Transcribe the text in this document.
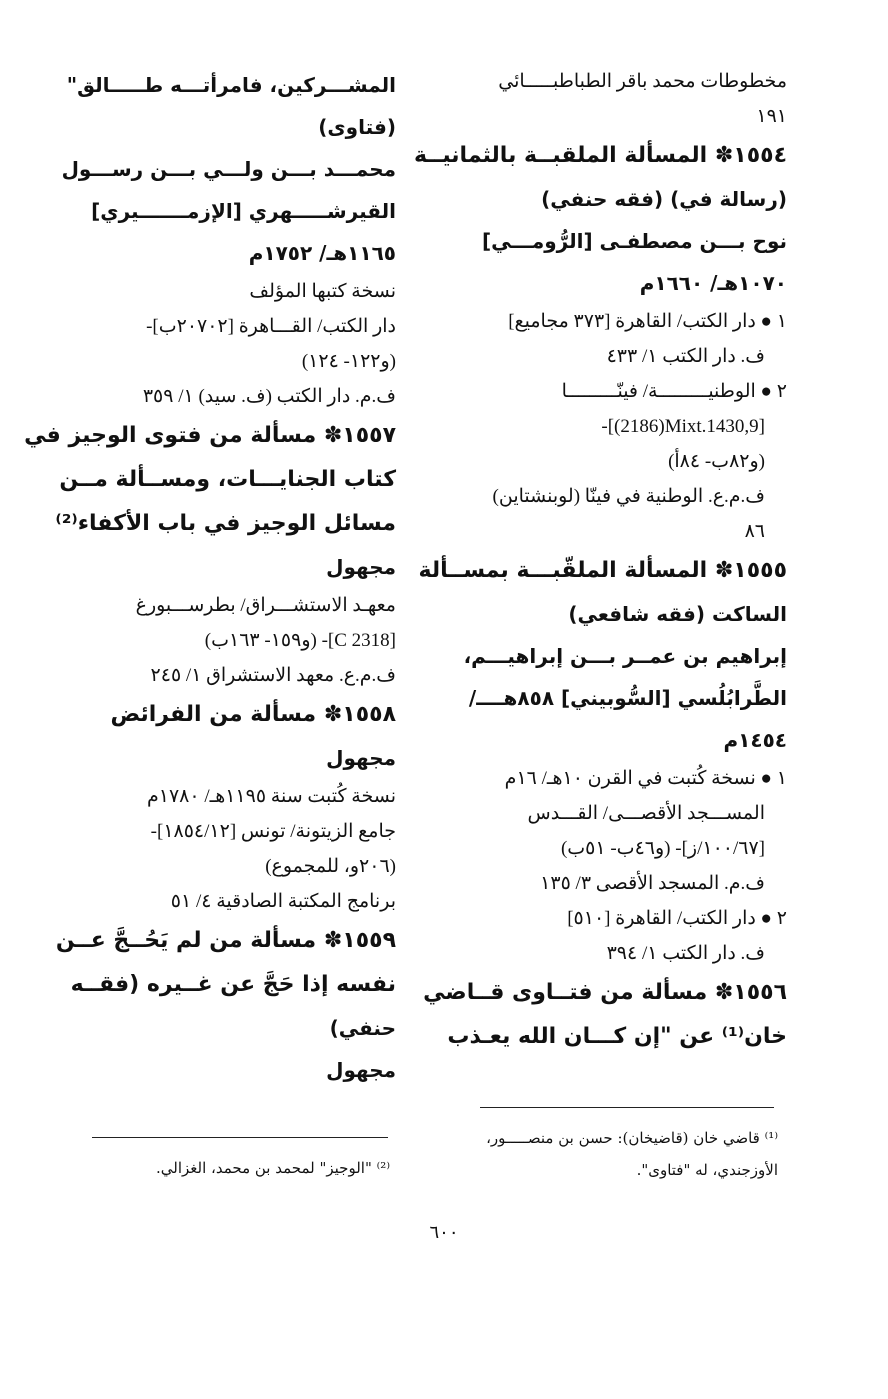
مخطوطات محمد باقر الطباطبـــــائي
١٩١
١٥٥٤✽ المسألة الملقبــة بالثمانيــة
(رسالة في) (فقه حنفي)
نوح بـــن مصطفـى [الرُّومـــي]
١٠٧٠هـ/ ١٦٦٠م
١ ● دار الكتب/ القاهرة [٣٧٣ مجاميع]
ف. دار الكتب ١/ ٤٣٣
٢ ● الوطنيـــــــــة/ فينّـــــــــا
-[(2186)Mixt.1430,9]
(و٨٢ب- ٨٤أ)
ف.م.ع. الوطنية في فينّا (لوبنشتاين)
٨٦
١٥٥٥✽ المسألة الملقّبـــة بمســألة
الساكت (فقه شافعي)
إبراهيم بن عمــر بـــن إبراهيـــم،
الطَّرابُلُسي [السُّوبيني] ٨٥٨هــــ/
١٤٥٤م
١ ● نسخة كُتبت في القرن ١٠هـ/ ١٦م
المســـجد الأقصـــى/ القـــدس
[١٠٠/٦٧/ز]- (و٤٦ب- ٥١ب)
ف.م. المسجد الأقصى ٣/ ١٣٥
٢ ● دار الكتب/ القاهرة [٥١٠]
ف. دار الكتب ١/ ٣٩٤
١٥٥٦✽ مسألة من فتــاوى قــاضي
خان⁽¹⁾ عن "إن كـــان الله يعـذب
المشـــركين، فامرأتـــه طـــــالق"
(فتاوى)
محمـــد بـــن ولـــي بـــن رســـول
القيرشـــــهري [الإزمـــــــيري]
١١٦٥هـ/ ١٧٥٢م
نسخة كتبها المؤلف
دار الكتب/ القـــاهرة [٢٠٧٠٢ب]-
(و١٢٢- ١٢٤)
ف.م. دار الكتب (ف. سيد) ١/ ٣٥٩
١٥٥٧✽ مسألة من فتوى الوجيز في
كتاب الجنايـــات، ومســألة مــن
مسائل الوجيز في باب الأكفاء⁽²⁾
مجهول
معهـد الاستشـــراق/ بطرســـبورغ
[C 2318]- (و١٥٩- ١٦٣ب)
ف.م.ع. معهد الاستشراق ١/ ٢٤٥
١٥٥٨✽ مسألة من الفرائض
مجهول
نسخة كُتبت سنة ١١٩٥هـ/ ١٧٨٠م
جامع الزيتونة/ تونس [١٨٥٤/١٢]-
(٢٠٦و، للمجموع)
برنامج المكتبة الصادقية ٤/ ٥١
١٥٥٩✽ مسألة من لم يَحُــجَّ عــن
نفسه إذا حَجَّ عن غــيره (فقــه
حنفي)
مجهول
⁽¹⁾ قاضي خان (قاضيخان): حسن بن منصـــــور،
الأوزجندي، له "فتاوى".
⁽²⁾ "الوجيز" لمحمد بن محمد، الغزالي.
٦٠٠
